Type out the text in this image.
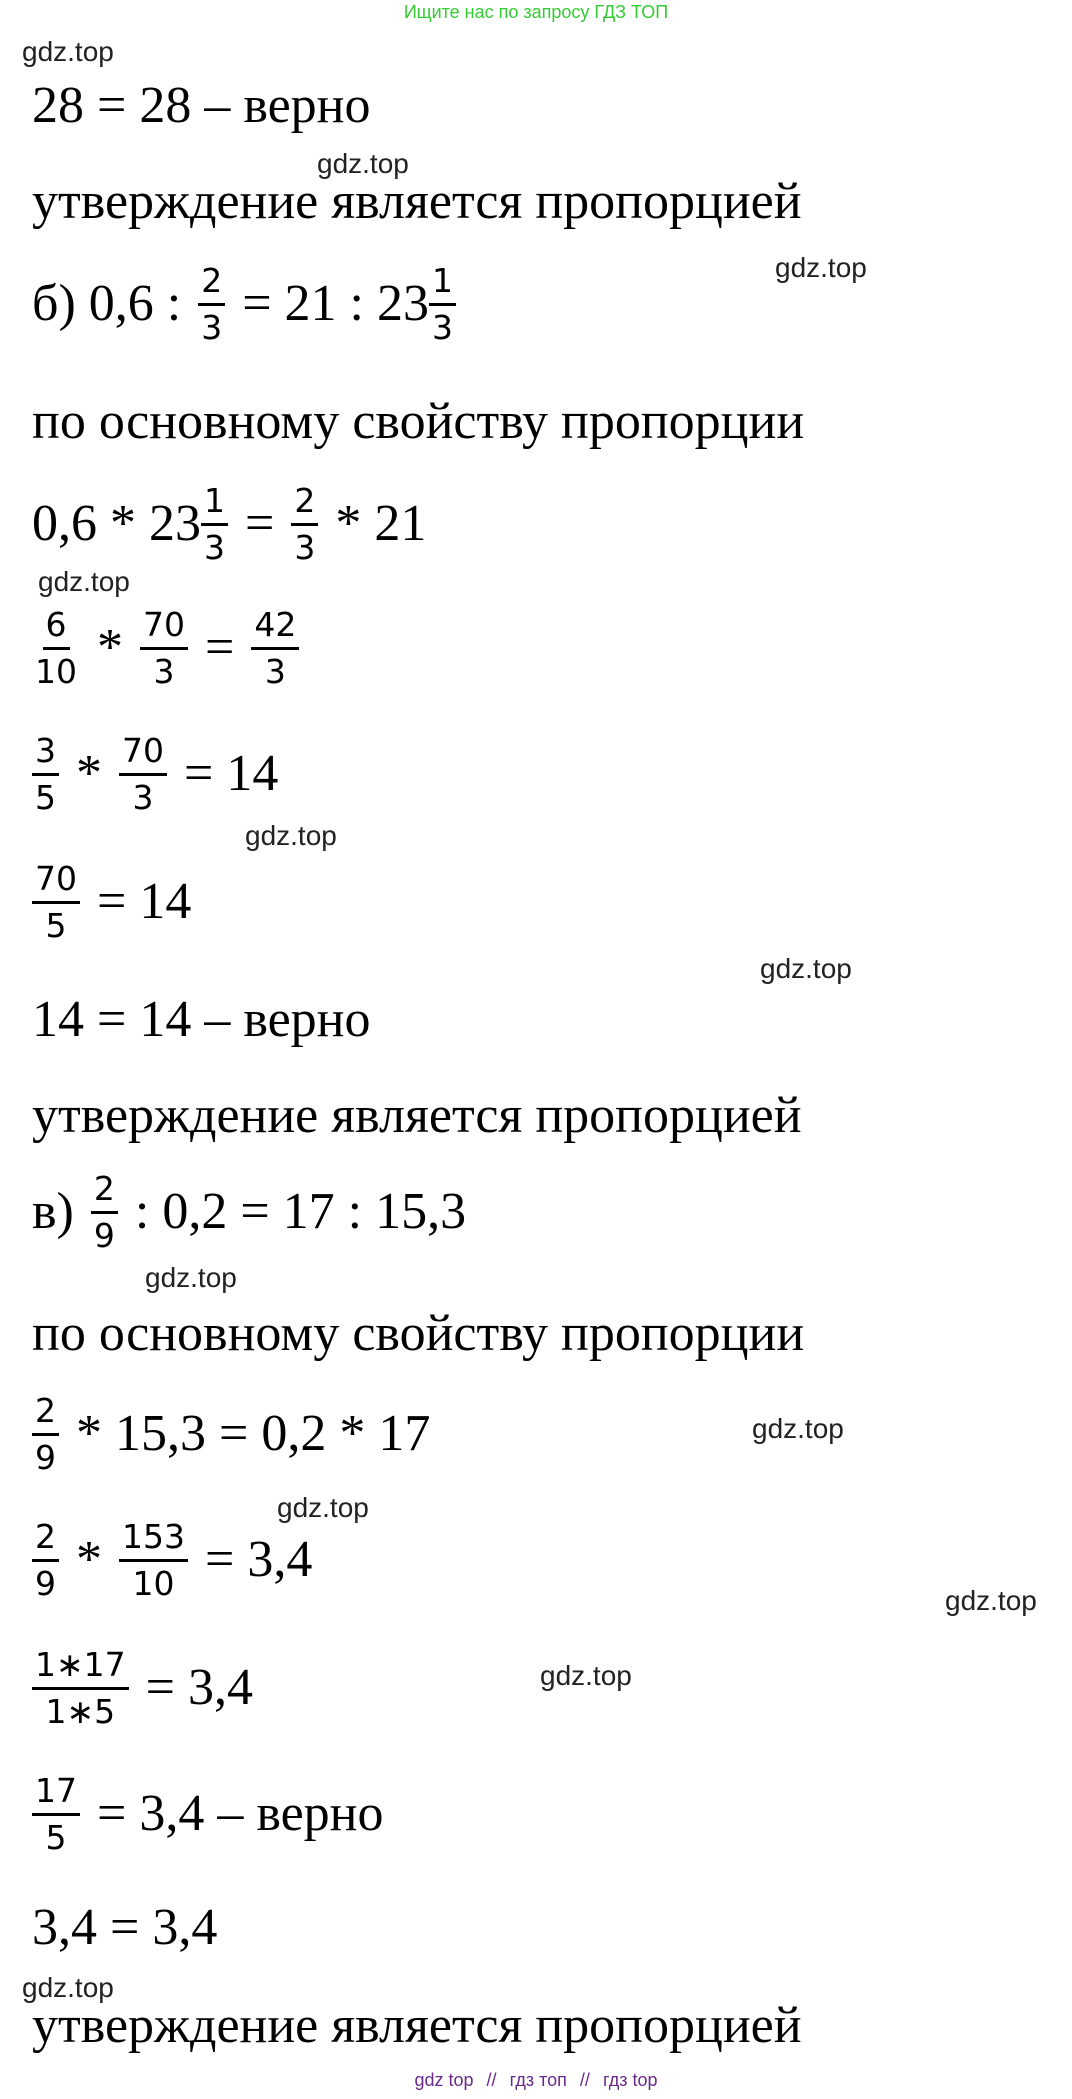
Ищите нас по запросу ГДЗ ТОП
gdz.top
gdz.top
gdz.top
gdz.top
gdz.top
gdz.top
gdz.top
gdz.top
gdz.top
gdz.top
gdz.top
gdz.top
28 = 28 – верно
утверждение является пропорцией
б) 0,6 : $\frac{2}{3} = 21$ : $23 \frac{1}{3}$
по основному свойству пропорции
$0,6 * 23 \frac{1}{3} = \frac{2}{3} * 21$
$\frac{6}{10} * \frac{70}{3} = \frac{42}{3}$
$\frac{3}{5} * \frac{70}{3} = 14$
$\frac{70}{5} = 14$
14 = 14 – верно
утверждение является пропорцией
$в) \frac{2}{9}$ : 0,2 = 17 : 15,3
по основному свойству пропорции
$\frac{2}{9} * 15,3 = 0,2 * 17$
$\frac{2}{9} * \frac{153}{10} = 3,4$
$\frac{1∗17}{1∗5} = 3,4$
$\frac{17}{5} = 3,4$ – верно
3,4 = 3,4
утверждение является пропорцией
gdz top // гдз топ // гдз top
